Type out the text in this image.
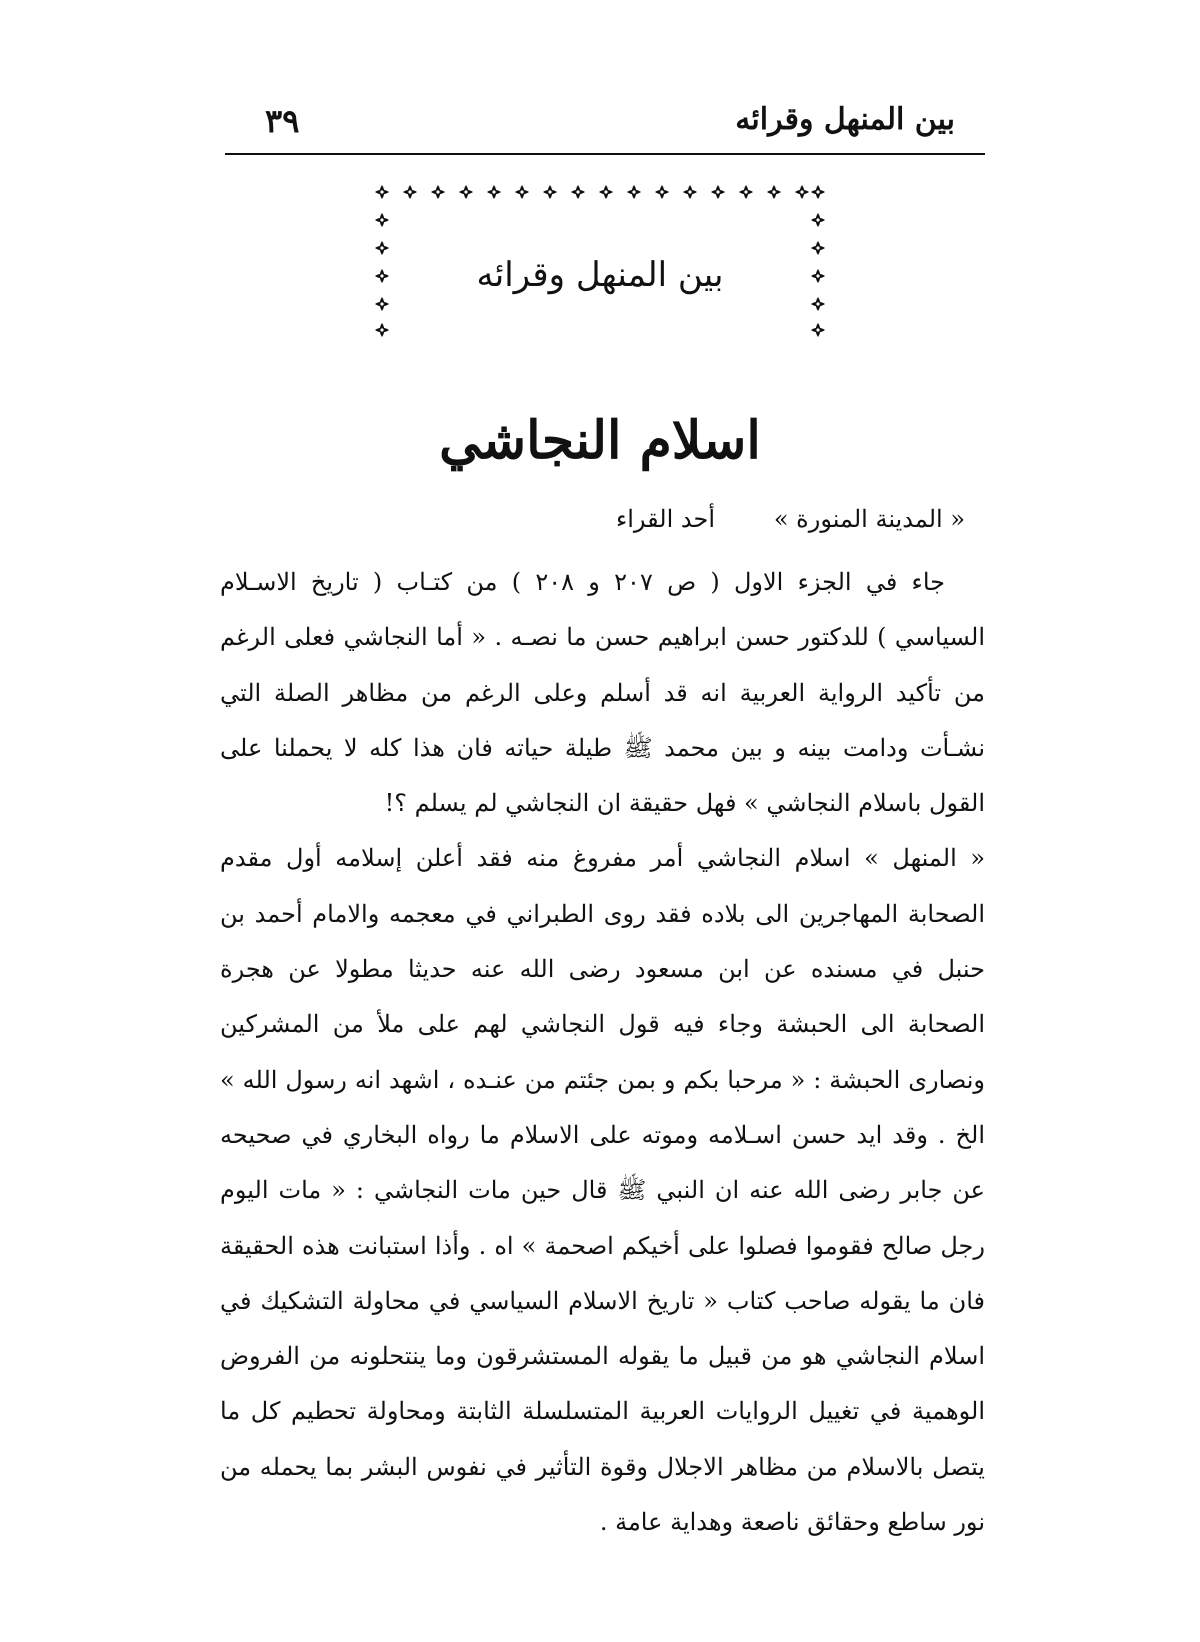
بين المنهل وقرائه
٣٩
بين المنهل وقرائه
اسلام النجاشي
أحد القراء « المدينة المنورة »

جاء في الجزء الاول ( ص ٢٠٧ و ٢٠٨ ) من كتـاب ( تاريخ الاسـلام السياسي ) للدكتور حسن ابراهيم حسن ما نصـه . « أما النجاشي فعلى الرغم من تأكيد الرواية العربية انه قد أسلم وعلى الرغم من مظاهر الصلة التي نشـأت ودامت بينه و بين محمد ﷺ طيلة حياته فان هذا كله لا يحملنا على القول باسلام النجاشي » فهل حقيقة ان النجاشي لم يسلم ؟!

« المنهل » اسلام النجاشي أمر مفروغ منه فقد أعلن إسلامه أول مقدم الصحابة المهاجرين الى بلاده فقد روى الطبراني في معجمه والامام أحمد بن حنبل في مسنده عن ابن مسعود رضى الله عنه حديثا مطولا عن هجرة الصحابة الى الحبشة وجاء فيه قول النجاشي لهم على ملأ من المشركين ونصارى الحبشة : « مرحبا بكم و بمن جئتم من عنـده ، اشهد انه رسول الله » الخ . وقد ايد حسن اسـلامه وموته على الاسلام ما رواه البخاري في صحيحه عن جابر رضى الله عنه ان النبي ﷺ قال حين مات النجاشي : « مات اليوم رجل صالح فقوموا فصلوا على أخيكم اصحمة » اه . وأذا استبانت هذه الحقيقة فان ما يقوله صاحب كتاب « تاريخ الاسلام السياسي في محاولة التشكيك في اسلام النجاشي هو من قبيل ما يقوله المستشرقون وما ينتحلونه من الفروض الوهمية في تغييل الروايات العربية المتسلسلة الثابتة ومحاولة تحطيم كل ما يتصل بالاسلام من مظاهر الاجلال وقوة التأثير في نفوس البشر بما يحمله من نور ساطع وحقائق ناصعة وهداية عامة .
